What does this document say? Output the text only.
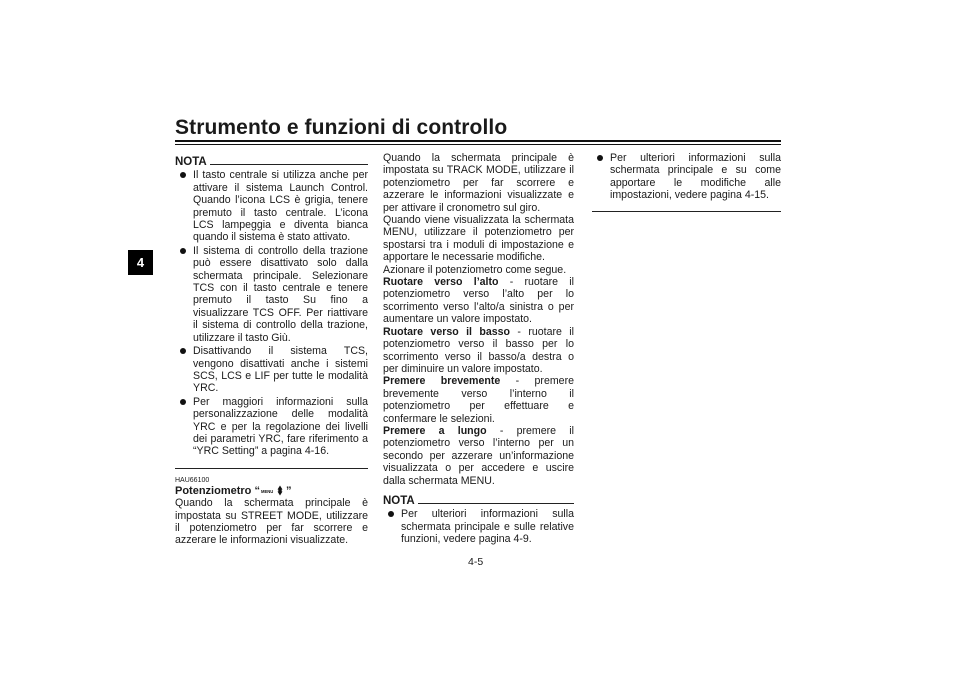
Strumento e funzioni di controllo
4
NOTA
Il tasto centrale si utilizza anche per attivare il sistema Launch Control. Quando l’icona LCS è grigia, tenere premuto il tasto centrale. L’icona LCS lampeggia e diventa bianca quando il sistema è stato attivato.
Il sistema di controllo della trazione può essere disattivato solo dalla schermata principale. Selezionare TCS con il tasto centrale e tenere premuto il tasto Su fino a visualizzare TCS OFF. Per riattivare il sistema di controllo della trazione, utilizzare il tasto Giù.
Disattivando il sistema TCS, vengono disattivati anche i sistemi SCS, LCS e LIF per tutte le modalità YRC.
Per maggiori informazioni sulla personalizzazione delle modalità YRC e per la regolazione dei livelli dei parametri YRC, fare riferimento a “YRC Setting” a pagina 4-16.

HAU66100

Potenziometro “ MENU ”

Quando la schermata principale è impostata su STREET MODE, utilizzare il potenziometro per far scorrere e azzerare le informazioni visualizzate.

Quando la schermata principale è impostata su TRACK MODE, utilizzare il potenziometro per far scorrere e azzerare le informazioni visualizzate e per attivare il cronometro sul giro.

Quando viene visualizzata la schermata MENU, utilizzare il potenziometro per spostarsi tra i moduli di impostazione e apportare le necessarie modifiche.

Azionare il potenziometro come segue.

Ruotare verso l’alto - ruotare il potenziometro verso l’alto per lo scorrimento verso l’alto/a sinistra o per aumentare un valore impostato.

Ruotare verso il basso - ruotare il potenziometro verso il basso per lo scorrimento verso il basso/a destra o per diminuire un valore impostato.

Premere brevemente - premere brevemente verso l’interno il potenziometro per effettuare e confermare le selezioni.

Premere a lungo - premere il potenziometro verso l’interno per un secondo per azzerare un’informazione visualizzata o per accedere e uscire dalla schermata MENU.

NOTA
Per ulteriori informazioni sulla schermata principale e sulle relative funzioni, vedere pagina 4-9.
Per ulteriori informazioni sulla schermata principale e su come apportare le modifiche alle impostazioni, vedere pagina 4-15.
4-5
